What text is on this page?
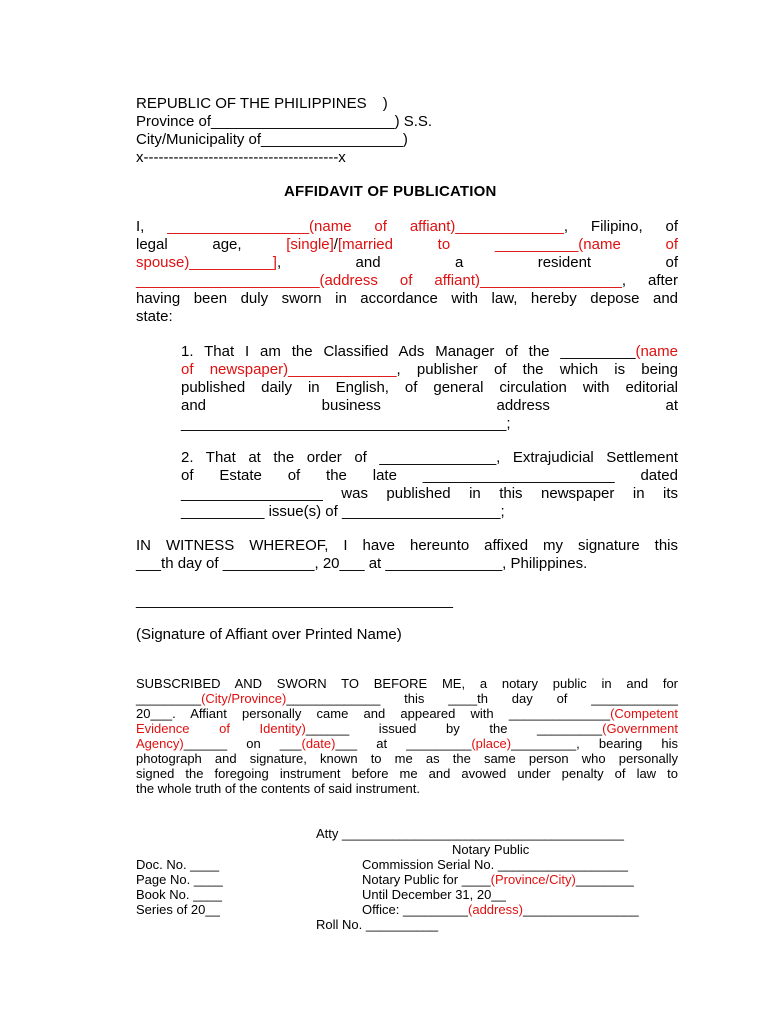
REPUBLIC OF THE PHILIPPINES )
Province of______________________) S.S.
City/Municipality of_________________)
x---------------------------------------x
AFFIDAVIT OF PUBLICATION
I, _________________(name of affiant)_____________, Filipino, of
legal age, [single]/[married to __________(name of
spouse)__________], and a resident of
______________________(address of affiant)_________________, after
having been duly sworn in accordance with law, hereby depose and
state:
1. That I am the Classified Ads Manager of the _________(name
of newspaper)_____________, publisher of the which is being
published daily in English, of general circulation with editorial
and business address at
_______________________________________;
2. That at the order of ______________, Extrajudicial Settlement
of Estate of the late _______________________ dated
_________________ was published in this newspaper in its
__________ issue(s) of ___________________;
IN WITNESS WHEREOF, I have hereunto affixed my signature this
___th day of ___________, 20___ at ______________, Philippines.
______________________________________
(Signature of Affiant over Printed Name)
SUBSCRIBED AND SWORN TO BEFORE ME, a notary public in and for
_________(City/Province)_____________ this ____th day of ____________
20___. Affiant personally came and appeared with ______________(Competent
Evidence of Identity)______ issued by the _________(Government
Agency)______ on ___(date)___ at _________(place)_________, bearing his
photograph and signature, known to me as the same person who personally
signed the foregoing instrument before me and avowed under penalty of law to
the whole truth of the contents of said instrument.
Atty _______________________________________
Notary Public
Doc. No. ____
Page No. ____
Book No. ____
Series of 20__
Commission Serial No. __________________
Notary Public for ____(Province/City)________
Until December 31, 20__
Office: _________(address)________________
Roll No. __________
